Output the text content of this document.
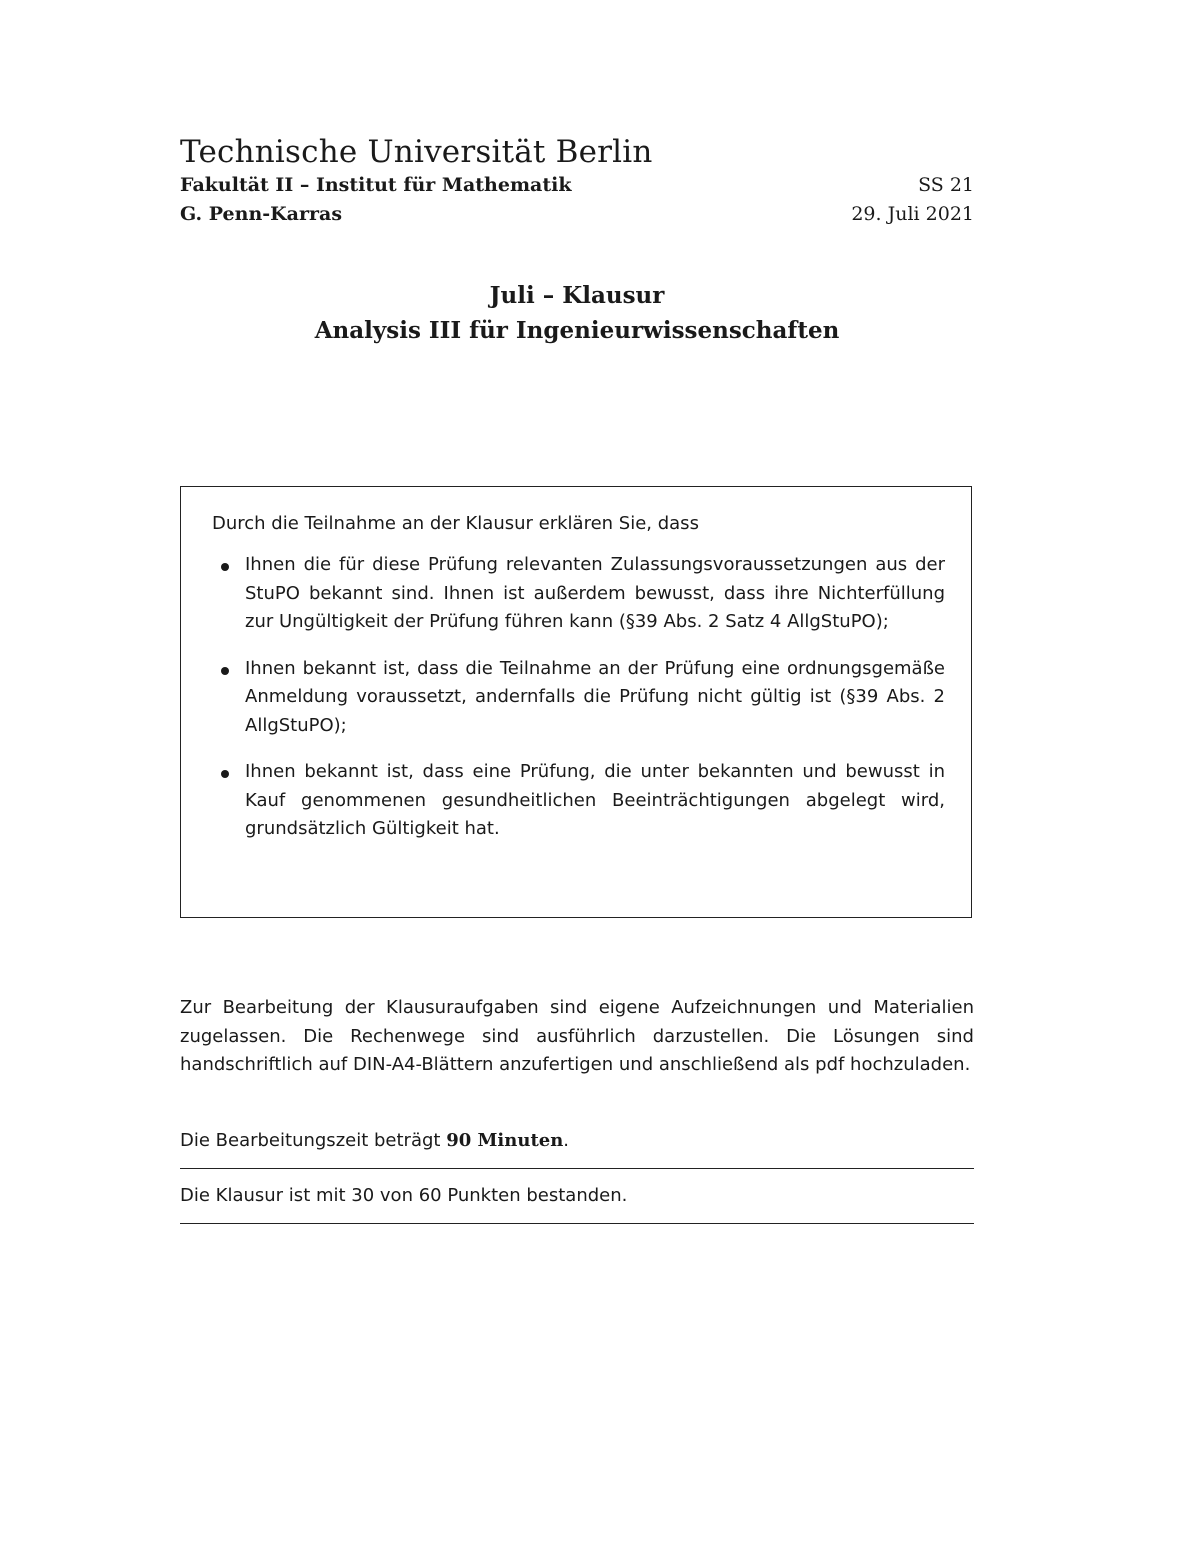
Technische Universität Berlin
Fakultät II – Institut für Mathematik	SS 21
G. Penn-Karras	29. Juli 2021
Juli – Klausur
Analysis III für Ingenieurwissenschaften
Durch die Teilnahme an der Klausur erklären Sie, dass
Ihnen die für diese Prüfung relevanten Zulassungsvoraussetzungen aus der StuPO bekannt sind. Ihnen ist außerdem bewusst, dass ihre Nichterfüllung zur Ungültigkeit der Prüfung führen kann (§39 Abs. 2 Satz 4 AllgStuPO);
Ihnen bekannt ist, dass die Teilnahme an der Prüfung eine ordnungsgemäße Anmeldung voraussetzt, andernfalls die Prüfung nicht gültig ist (§39 Abs. 2 AllgStuPO);
Ihnen bekannt ist, dass eine Prüfung, die unter bekannten und bewusst in Kauf genommenen gesundheitlichen Beeinträchtigungen abgelegt wird, grundsätzlich Gültigkeit hat.
Zur Bearbeitung der Klausuraufgaben sind eigene Aufzeichnungen und Materialien zugelassen. Die Rechenwege sind ausführlich darzustellen. Die Lösungen sind handschriftlich auf DIN-A4-Blättern anzufertigen und anschließend als pdf hochzuladen.
Die Bearbeitungszeit beträgt 90 Minuten.
Die Klausur ist mit 30 von 60 Punkten bestanden.
